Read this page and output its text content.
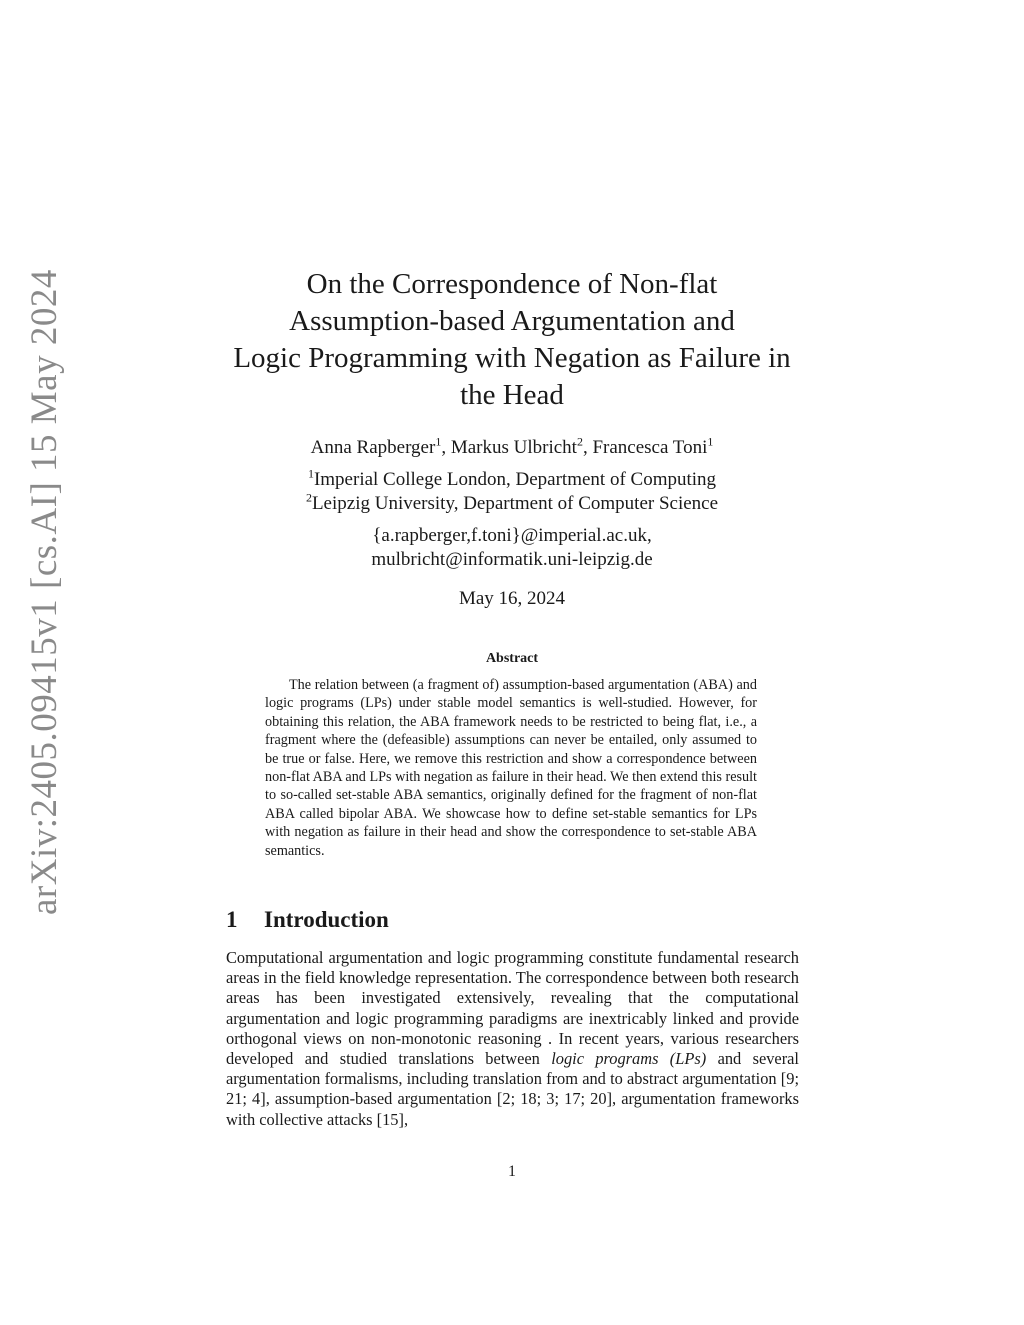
arXiv:2405.09415v1 [cs.AI] 15 May 2024	On the Correspondence of Non-flat
Assumption-based Argumentation and
Logic Programming with Negation as Failure in
the Head
Anna Rapberger$^1$, Markus Ulbricht$^2$, Francesca Toni$^1$
$^1$Imperial College London, Department of Computing
$^2$Leipzig University, Department of Computer Science
{a.rapberger,f.toni}@imperial.ac.uk,
mulbricht@informatik.uni-leipzig.de
May 16, 2024
Abstract
The relation between (a fragment of) assumption-based argumentation (ABA) and logic programs (LPs) under stable model semantics is well-studied. However, for obtaining this relation, the ABA framework needs to be restricted to being flat, i.e., a fragment where the (defeasible) assumptions can never be entailed, only assumed to be true or false. Here, we remove this restriction and show a correspondence between non-flat ABA and LPs with negation as failure in their head. We then extend this result to so-called set-stable ABA semantics, originally defined for the fragment of non-flat ABA called bipolar ABA. We showcase how to define set-stable semantics for LPs with negation as failure in their head and show the correspondence to set-stable ABA semantics.
1 Introduction
Computational argumentation and logic programming constitute fundamental research areas in the field knowledge representation. The correspondence between both research areas has been investigated extensively, revealing that the computational argumentation and logic programming paradigms are inextricably linked and provide orthogonal views on non-monotonic reasoning . In recent years, various researchers developed and studied translations between logic programs (LPs) and several argumentation formalisms, including translation from and to abstract argumentation [9; 21; 4], assumption-based argumentation [2; 18; 3; 17; 20], argumentation frameworks with collective attacks [15],
1
